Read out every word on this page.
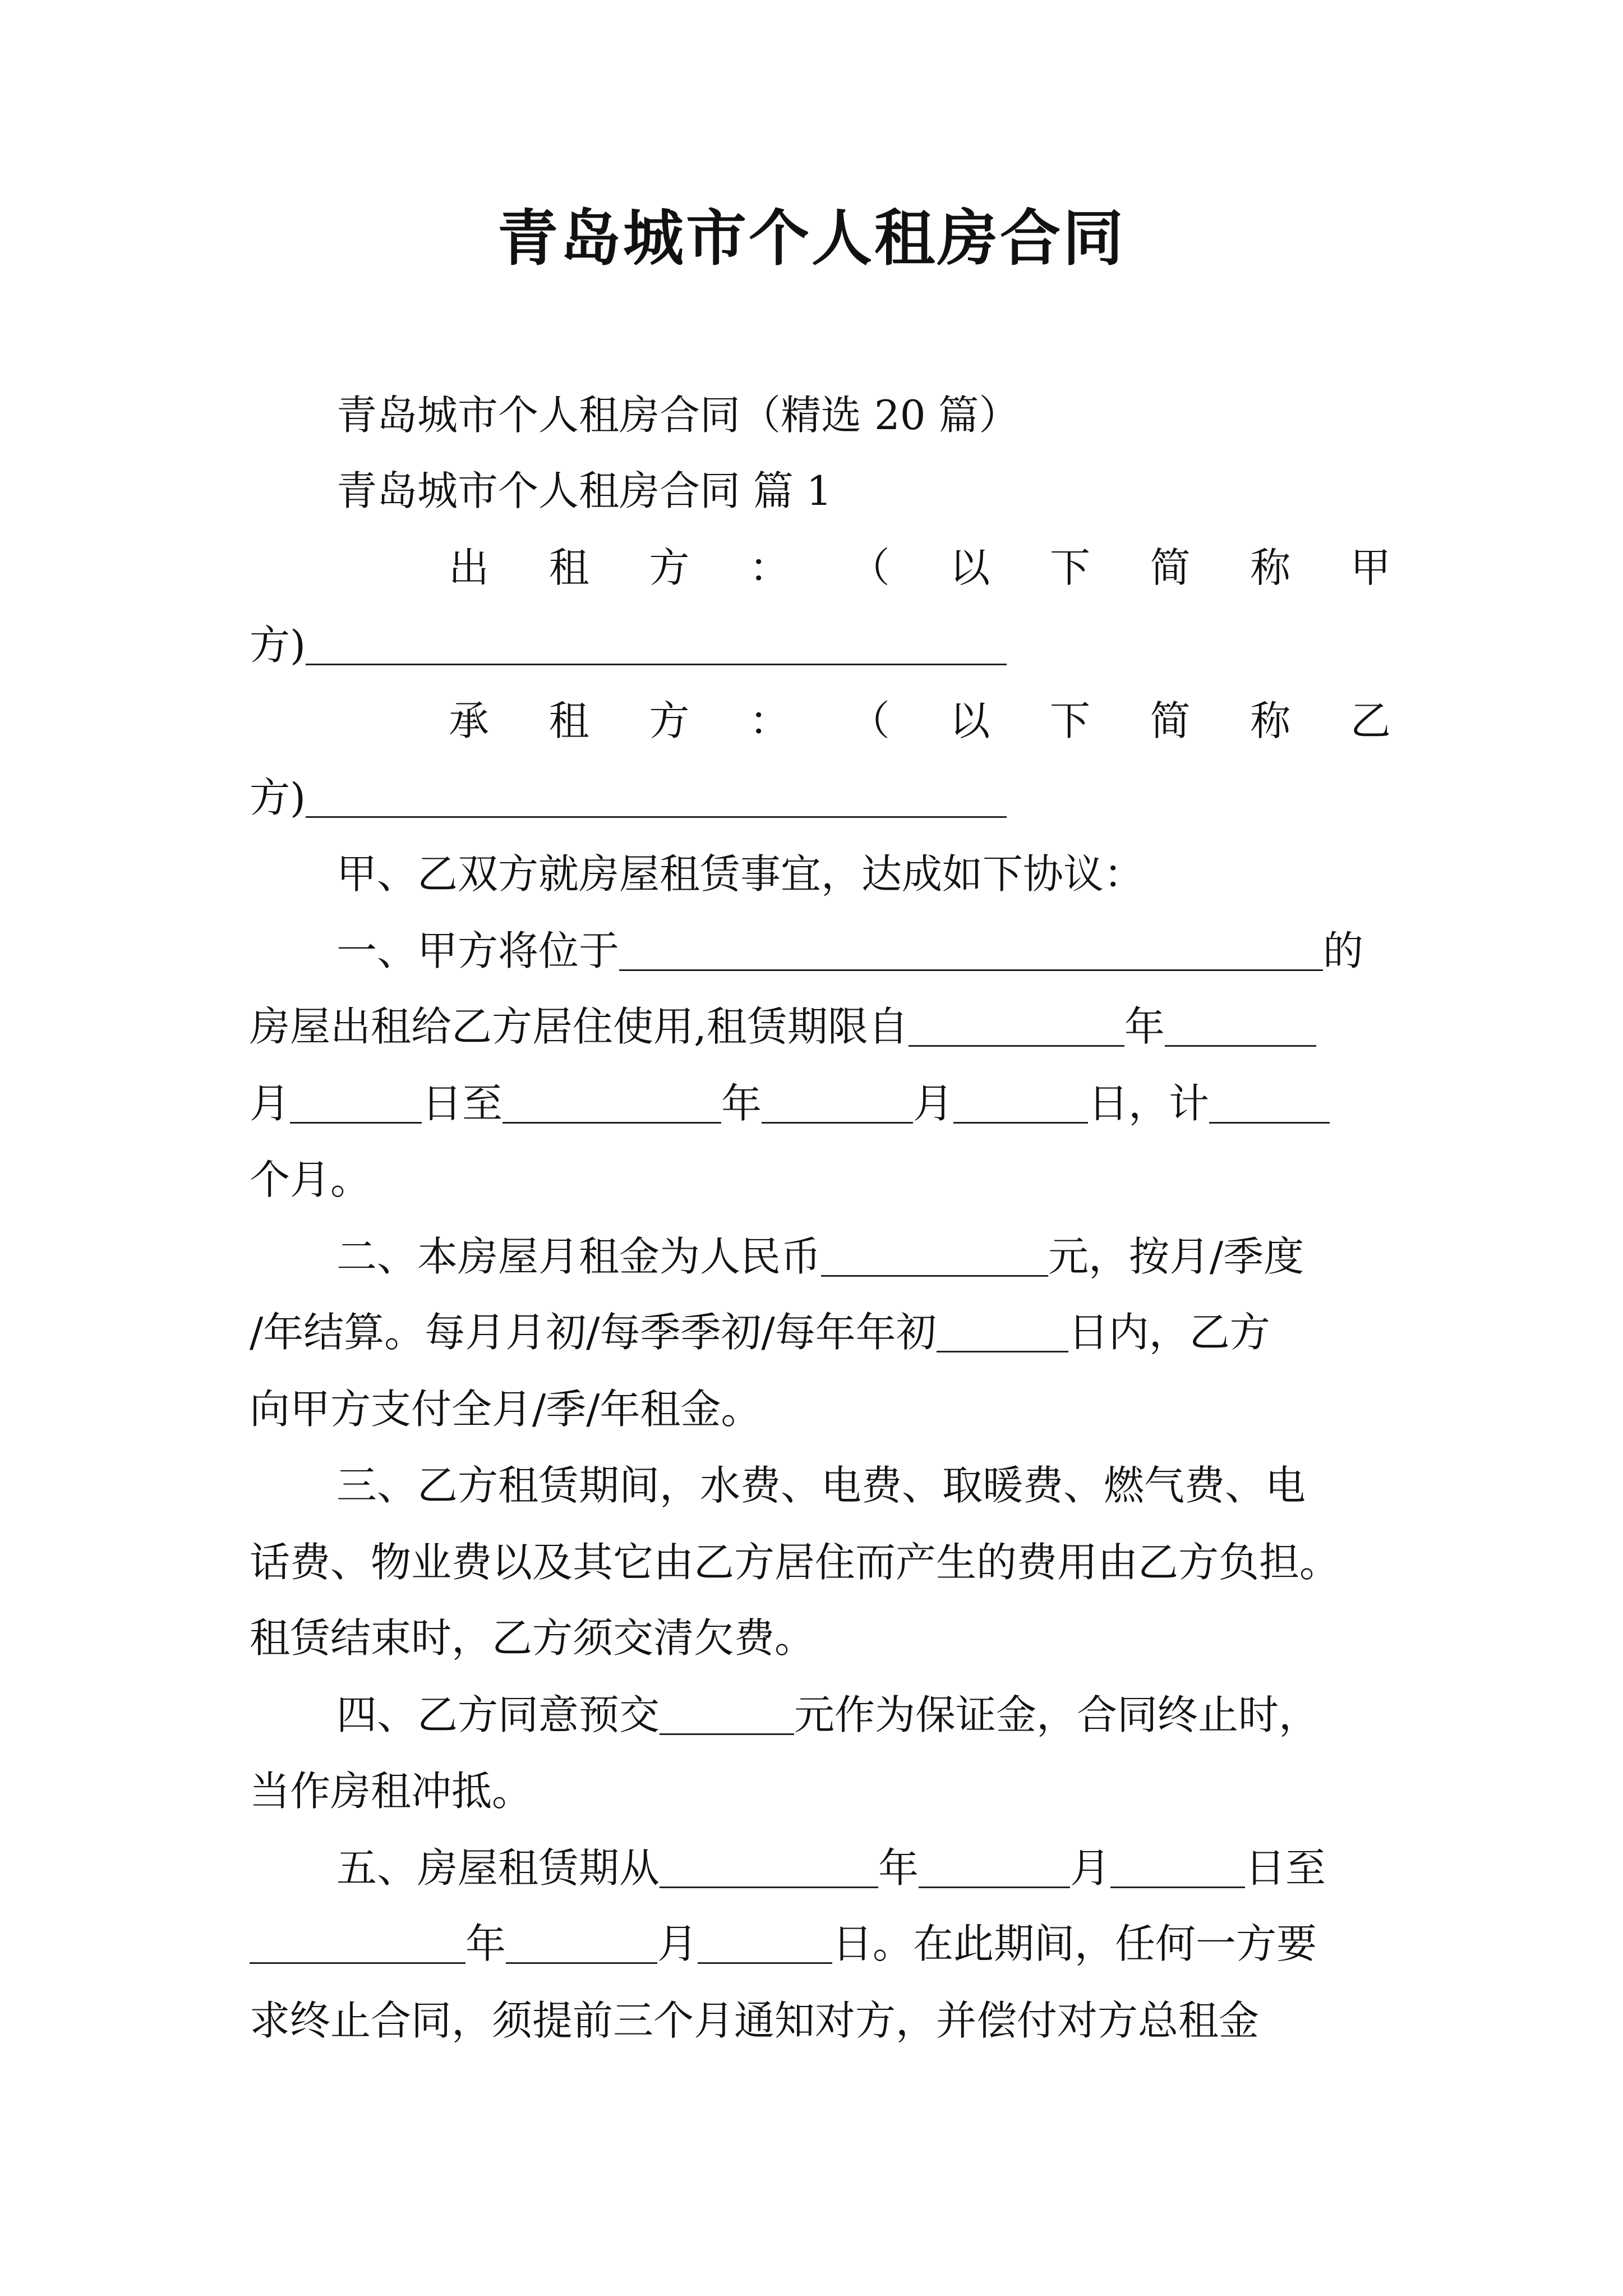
青岛城市个人租房合同
青岛城市个人租房合同（精选 20 篇）
青岛城市个人租房合同 篇 1
出 租 方 ： （ 以 下 简 称 甲
方)
承 租 方 ： （ 以 下 简 称 乙
方)
甲、乙双方就房屋租赁事宜，达成如下协议：
一、甲方将位于	的
房屋出租给乙方居住使用,租赁期限自	年
月	日至	年	月	日，计
个月。
二、本房屋月租金为人民币	元，按月/季度
/年结算。每月月初/每季季初/每年年初	日内，乙方
向甲方支付全月/季/年租金。
三、乙方租赁期间，水费、电费、取暖费、燃气费、电
话费、物业费以及其它由乙方居住而产生的费用由乙方负担。
租赁结束时，乙方须交清欠费。
四、乙方同意预交	元作为保证金，合同终止时，
当作房租冲抵。
五、房屋租赁期从	年	月	日至
年	月	日。在此期间，任何一方要
求终止合同，须提前三个月通知对方，并偿付对方总租金
